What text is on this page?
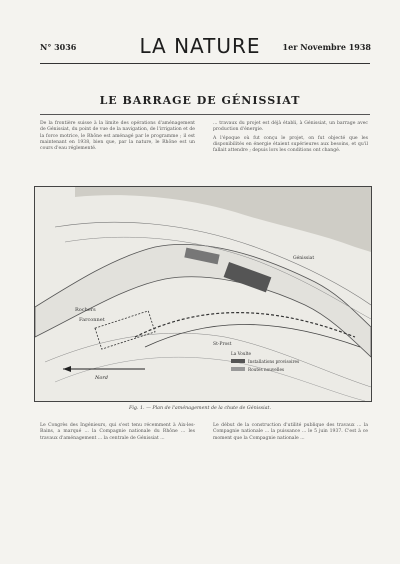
N° 3036	LA NATURE	1er Novembre 1938
LE BARRAGE DE GÉNISSIAT

De la frontière suisse à la limite des opérations d'aménagement de Génissiat, du point de vue de la navigation, de l'irrigation et de la force motrice, le Rhône est aménagé par le programme ; il est maintenant en 1938, bien que, par la nature, le Rhône est un cours d'eau réglementé.

... travaux du projet est déjà établi, à Génissiat, un barrage avec production d'énergie.

A l'époque où fut conçu le projet, on fut objecté que les disponibilités en énergie étaient supérieures aux besoins, et qu'il fallait attendre ; depuis lors les conditions ont changé.

Rochers
Farconnet
St-Prost
Génissiat
Nord
La Voulte
Installations provisoires
Routes nouvelles
Fig. 1. — Plan de l'aménagement de la chute de Génissiat.

Le Congrès des Ingénieurs, qui s'est tenu récemment à Aix-les-Bains, a marqué ... la Compagnie nationale du Rhône ... les travaux d'aménagement ... la centrale de Génissiat ...

Le début de la construction d'utilité publique des travaux ... la Compagnie nationale ... la puissance ... le 5 juin 1937. C'est à ce moment que la Compagnie nationale ...
